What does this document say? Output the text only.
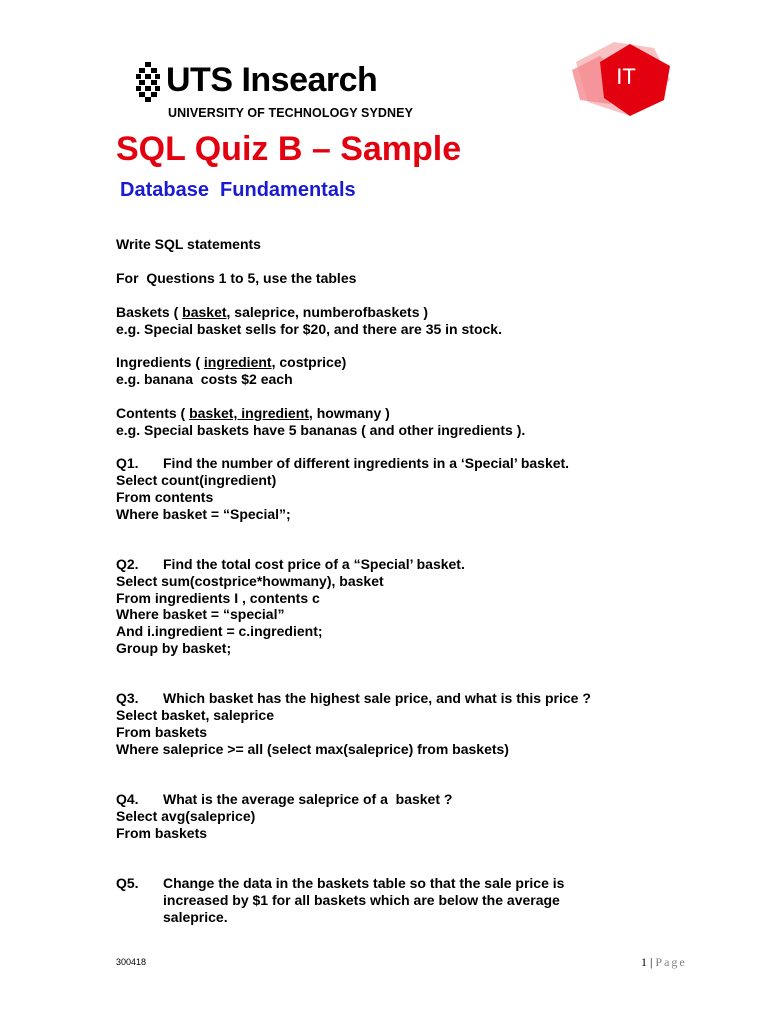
UTS Insearch
UNIVERSITY OF TECHNOLOGY SYDNEY
IT
SQL Quiz B – Sample
Database  Fundamentals
Write SQL statements
For  Questions 1 to 5, use the tables
Baskets ( basket, saleprice, numberofbaskets )
e.g. Special basket sells for $20, and there are 35 in stock.
Ingredients ( ingredient, costprice)
e.g. banana  costs $2 each
Contents ( basket, ingredient, howmany )
e.g. Special baskets have 5 bananas ( and other ingredients ).
Q1. Find the number of different ingredients in a ‘Special’ basket.
Select count(ingredient)
From contents
Where basket = “Special”;
Q2. Find the total cost price of a “Special’ basket.
Select sum(costprice*howmany), basket
From ingredients I , contents c
Where basket = “special”
And i.ingredient = c.ingredient;
Group by basket;
Q3. Which basket has the highest sale price, and what is this price ?
Select basket, saleprice
From baskets
Where saleprice >= all (select max(saleprice) from baskets)
Q4. What is the average saleprice of a  basket ?
Select avg(saleprice)
From baskets
Q5. Change the data in the baskets table so that the sale price is
increased by $1 for all baskets which are below the average
saleprice.
300418	1 | Page
